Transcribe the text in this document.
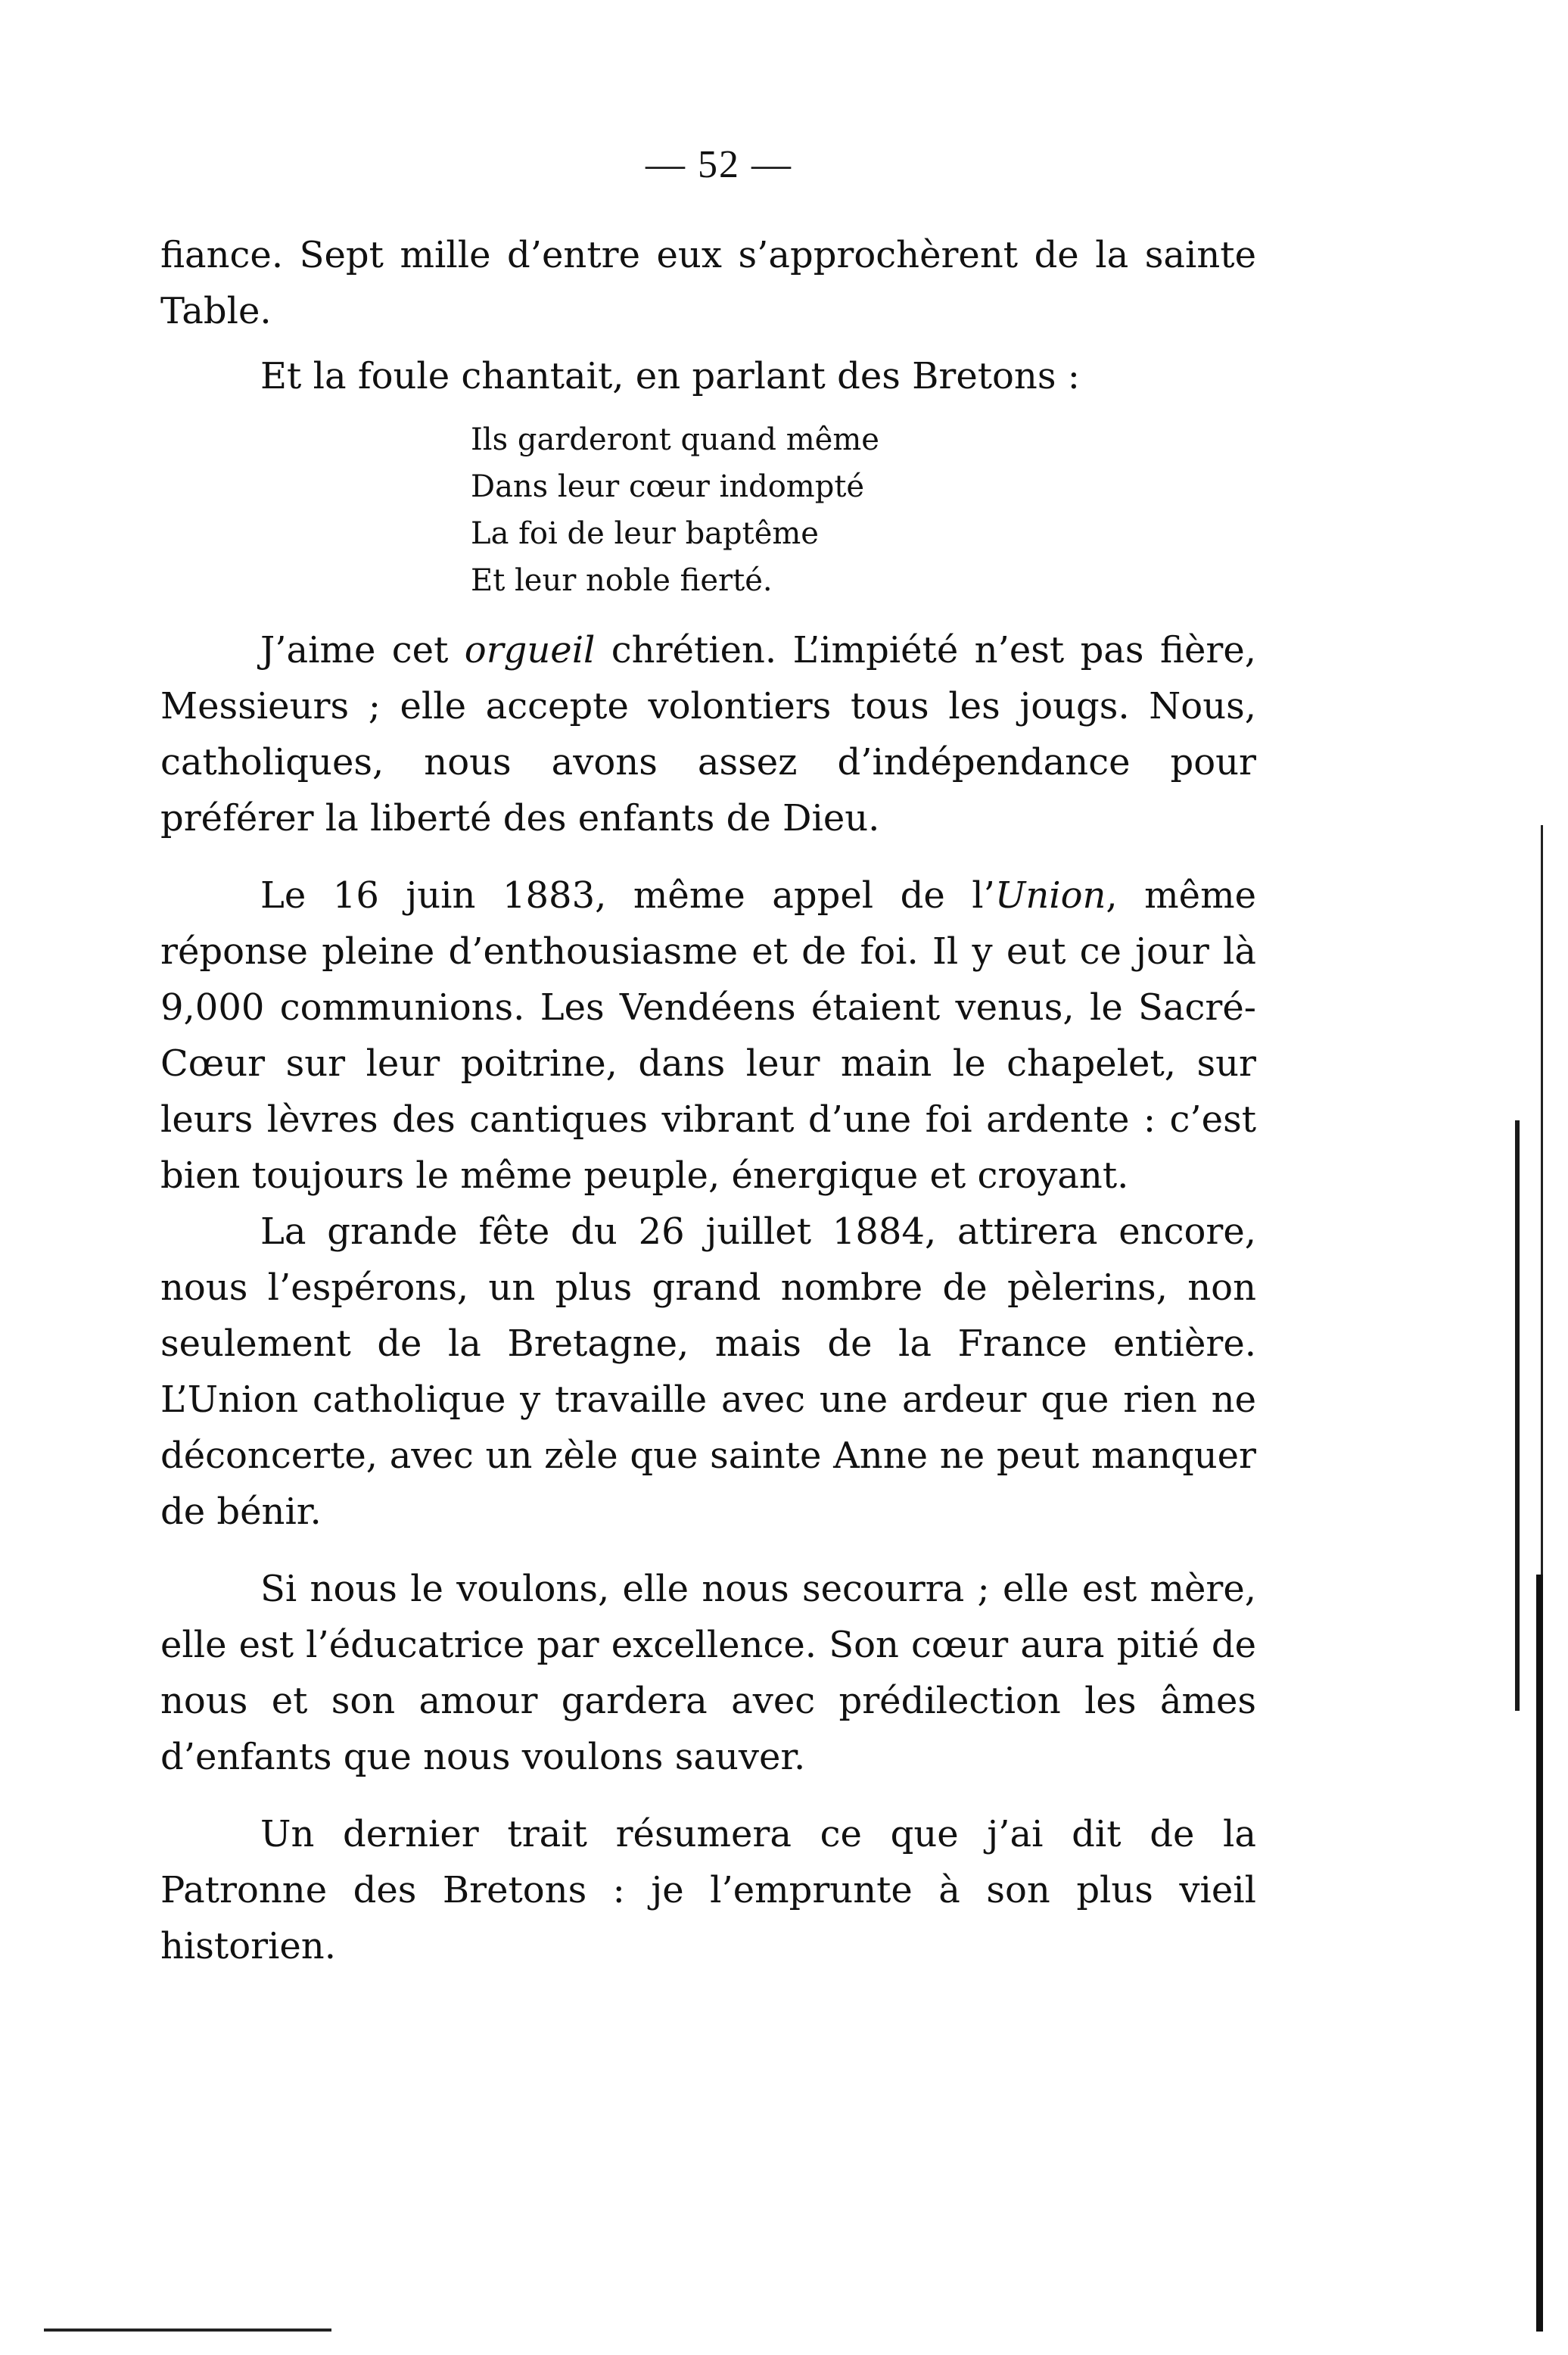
— 52 —

fiance. Sept mille d’entre eux s’approchèrent de la sainte Table.

Et la foule chantait, en parlant des Bretons :

Ils garderont quand même
Dans leur cœur indompté
La foi de leur baptême
Et leur noble fierté.

J’aime cet orgueil chrétien. L’impiété n’est pas fière, Messieurs ; elle accepte volontiers tous les jougs. Nous, catholiques, nous avons assez d’indépendance pour préférer la liberté des enfants de Dieu.

Le 16 juin 1883, même appel de l’Union, même réponse pleine d’enthousiasme et de foi. Il y eut ce jour là 9,000 communions. Les Vendéens étaient venus, le Sacré-Cœur sur leur poitrine, dans leur main le chapelet, sur leurs lèvres des cantiques vibrant d’une foi ardente : c’est bien toujours le même peuple, énergique et croyant.

La grande fête du 26 juillet 1884, attirera encore, nous l’espérons, un plus grand nombre de pèlerins, non seulement de la Bretagne, mais de la France entière. L’Union catholique y travaille avec une ardeur que rien ne déconcerte, avec un zèle que sainte Anne ne peut manquer de bénir.

Si nous le voulons, elle nous secourra ; elle est mère, elle est l’éducatrice par excellence. Son cœur aura pitié de nous et son amour gardera avec prédilection les âmes d’enfants que nous voulons sauver.

Un dernier trait résumera ce que j’ai dit de la Patronne des Bretons : je l’emprunte à son plus vieil historien.
